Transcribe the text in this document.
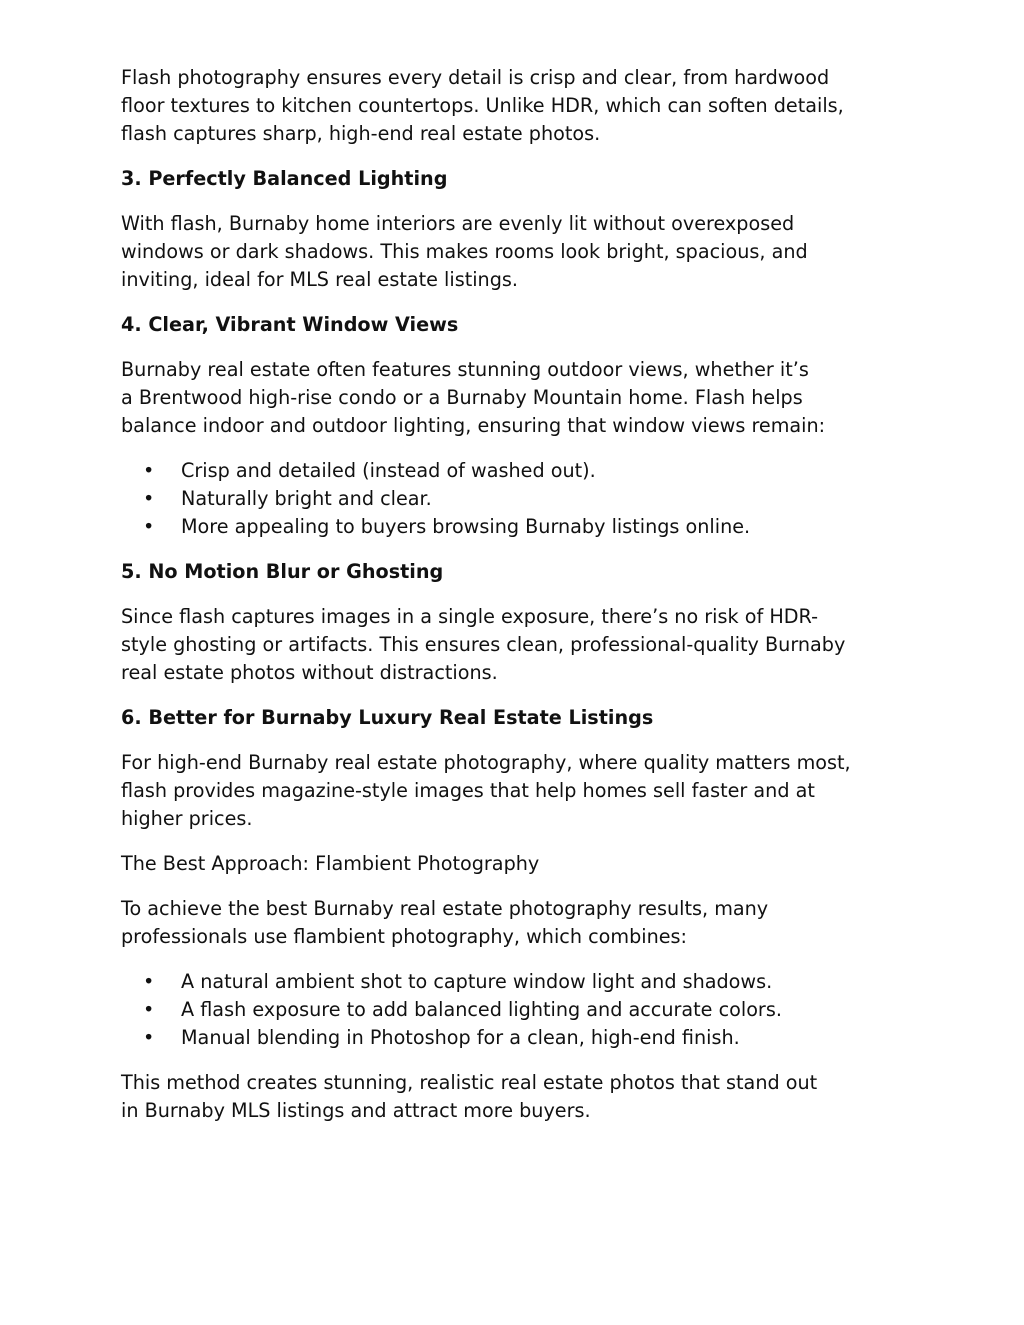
Flash photography ensures every detail is crisp and clear, from hardwood
floor textures to kitchen countertops. Unlike HDR, which can soften details,
flash captures sharp, high-end real estate photos.

3. Perfectly Balanced Lighting

With flash, Burnaby home interiors are evenly lit without overexposed
windows or dark shadows. This makes rooms look bright, spacious, and
inviting, ideal for MLS real estate listings.

4. Clear, Vibrant Window Views

Burnaby real estate often features stunning outdoor views, whether it’s
a Brentwood high-rise condo or a Burnaby Mountain home. Flash helps
balance indoor and outdoor lighting, ensuring that window views remain:

• Crisp and detailed (instead of washed out).
• Naturally bright and clear.
• More appealing to buyers browsing Burnaby listings online.
5. No Motion Blur or Ghosting

Since flash captures images in a single exposure, there’s no risk of HDR-
style ghosting or artifacts. This ensures clean, professional-quality Burnaby
real estate photos without distractions.

6. Better for Burnaby Luxury Real Estate Listings

For high-end Burnaby real estate photography, where quality matters most,
flash provides magazine-style images that help homes sell faster and at
higher prices.

The Best Approach: Flambient Photography

To achieve the best Burnaby real estate photography results, many
professionals use flambient photography, which combines:

• A natural ambient shot to capture window light and shadows.
• A flash exposure to add balanced lighting and accurate colors.
• Manual blending in Photoshop for a clean, high-end finish.

This method creates stunning, realistic real estate photos that stand out
in Burnaby MLS listings and attract more buyers.
